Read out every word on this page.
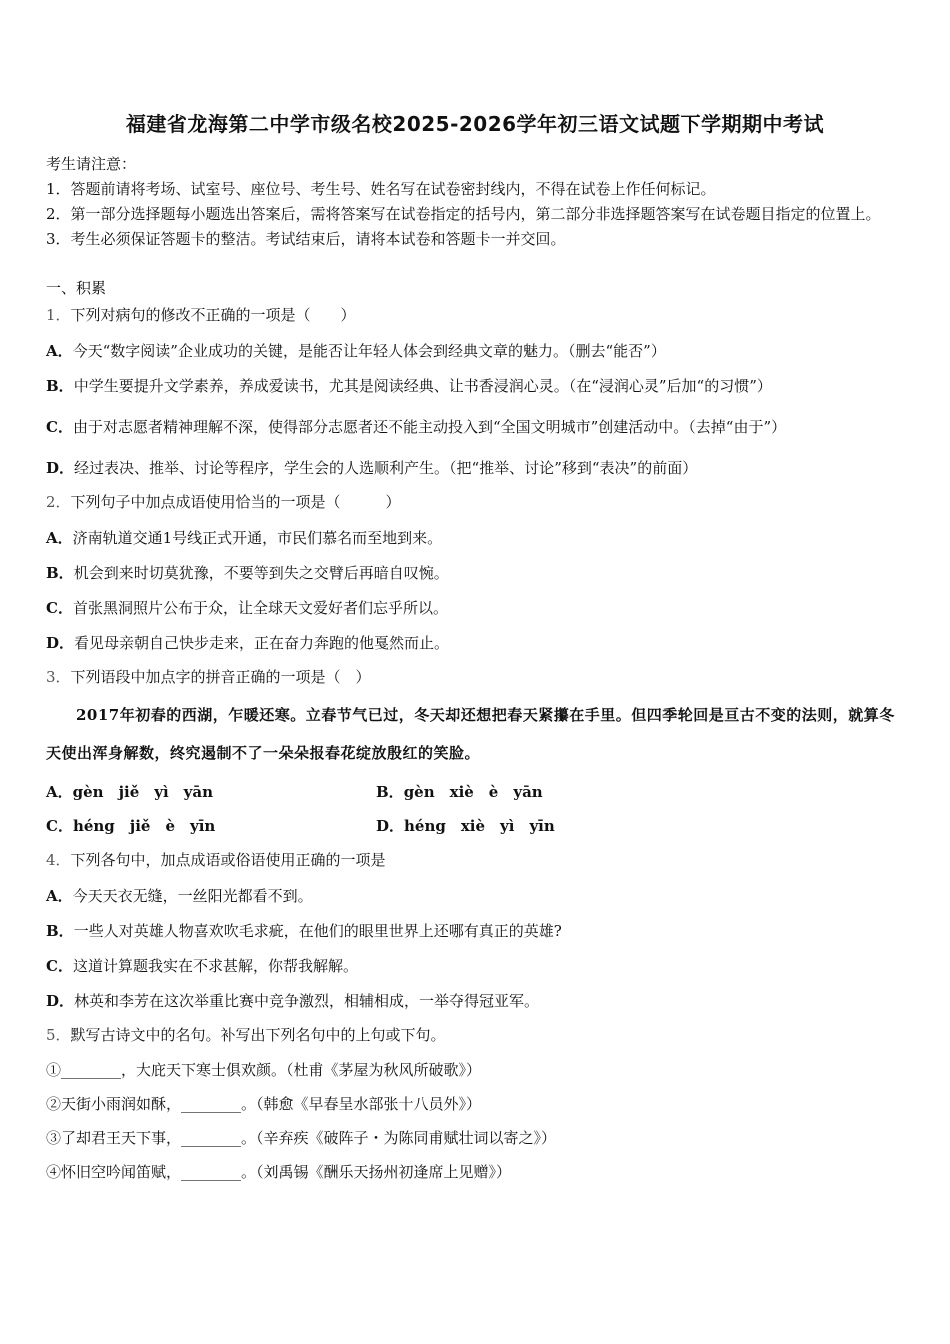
福建省龙海第二中学市级名校2025-2026学年初三语文试题下学期期中考试

考生请注意：

1．答题前请将考场、试室号、座位号、考生号、姓名写在试卷密封线内，不得在试卷上作任何标记。

2．第一部分选择题每小题选出答案后，需将答案写在试卷指定的括号内，第二部分非选择题答案写在试卷题目指定的位置上。

3．考生必须保证答题卡的整洁。考试结束后，请将本试卷和答题卡一并交回。

一、积累
1．下列对病句的修改不正确的一项是（　　）
A．今天“数字阅读”企业成功的关键，是能否让年轻人体会到经典文章的魅力。（删去“能否”）
B．中学生要提升文学素养，养成爱读书，尤其是阅读经典、让书香浸润心灵。（在“浸润心灵”后加“的习惯”）
C．由于对志愿者精神理解不深，使得部分志愿者还不能主动投入到“全国文明城市”创建活动中。（去掉“由于”）
D．经过表决、推举、讨论等程序，学生会的人选顺利产生。（把“推举、讨论”移到“表决”的前面）
2．下列句子中加点成语使用恰当的一项是（　　　）
A．济南轨道交通1号线正式开通，市民们慕名而至地到来。
B．机会到来时切莫犹豫，不要等到失之交臂后再暗自叹惋。
C．首张黑洞照片公布于众，让全球天文爱好者们忘乎所以。
D．看见母亲朝自己快步走来，正在奋力奔跑的他戛然而止。
3．下列语段中加点字的拼音正确的一项是（　）
2017年初春的西湖，乍暖还寒。立春节气已过，冬天却还想把春天紧攥在手里。但四季轮回是亘古不变的法则，就算冬天使出浑身解数，终究遏制不了一朵朵报春花绽放殷红的笑脸。
A．gèn　jiě　yì　yān	B．gèn　xiè　è　yān
C．héng　jiě　è　yīn	D．héng　xiè　yì　yīn
4．下列各句中，加点成语或俗语使用正确的一项是
A．今天天衣无缝，一丝阳光都看不到。
B．一些人对英雄人物喜欢吹毛求疵，在他们的眼里世界上还哪有真正的英雄?
C．这道计算题我实在不求甚解，你帮我解解。
D．林英和李芳在这次举重比赛中竞争激烈，相辅相成，一举夺得冠亚军。
5．默写古诗文中的名句。补写出下列名句中的上句或下句。
①________，大庇天下寒士俱欢颜。（杜甫《茅屋为秋风所破歌》）
②天街小雨润如酥，________。（韩愈《早春呈水部张十八员外》）
③了却君王天下事，________。（辛弃疾《破阵子・为陈同甫赋壮词以寄之》）
④怀旧空吟闻笛赋，________。（刘禹锡《酬乐天扬州初逢席上见赠》）
